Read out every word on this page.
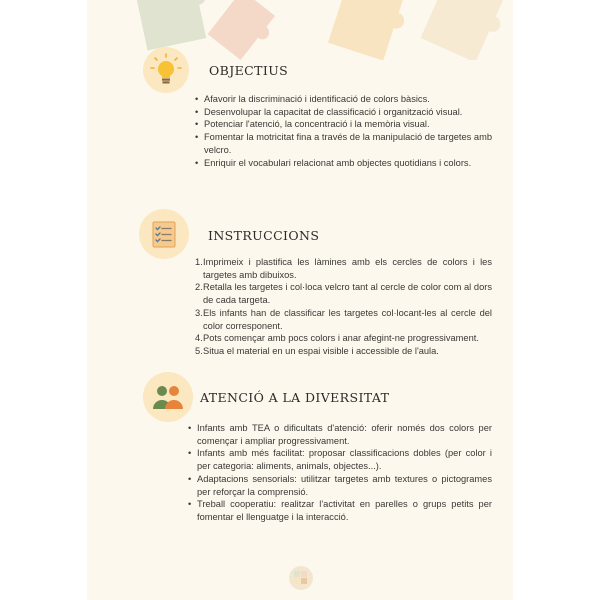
OBJECTIUS
• Afavorir la discriminació i identificació de colors bàsics.
• Desenvolupar la capacitat de classificació i organització visual.
• Potenciar l'atenció, la concentració i la memòria visual.
• Fomentar la motricitat fina a través de la manipulació de targetes amb velcro.
• Enriquir el vocabulari relacionat amb objectes quotidians i colors.
INSTRUCCIONS
1. Imprimeix i plastifica les làmines amb els cercles de colors i les targetes amb dibuixos.
2. Retalla les targetes i col·loca velcro tant al cercle de color com al dors de cada targeta.
3. Els infants han de classificar les targetes col·locant-les al cercle del color corresponent.
4. Pots començar amb pocs colors i anar afegint-ne progressivament.
5. Situa el material en un espai visible i accessible de l'aula.
ATENCIÓ A LA DIVERSITAT
• Infants amb TEA o dificultats d'atenció: oferir només dos colors per començar i ampliar progressivament.
• Infants amb més facilitat: proposar classificacions dobles (per color i per categoria: aliments, animals, objectes...).
• Adaptacions sensorials: utilitzar targetes amb textures o pictogrames per reforçar la comprensió.
• Treball cooperatiu: realitzar l'activitat en parelles o grups petits per fomentar el llenguatge i la interacció.
